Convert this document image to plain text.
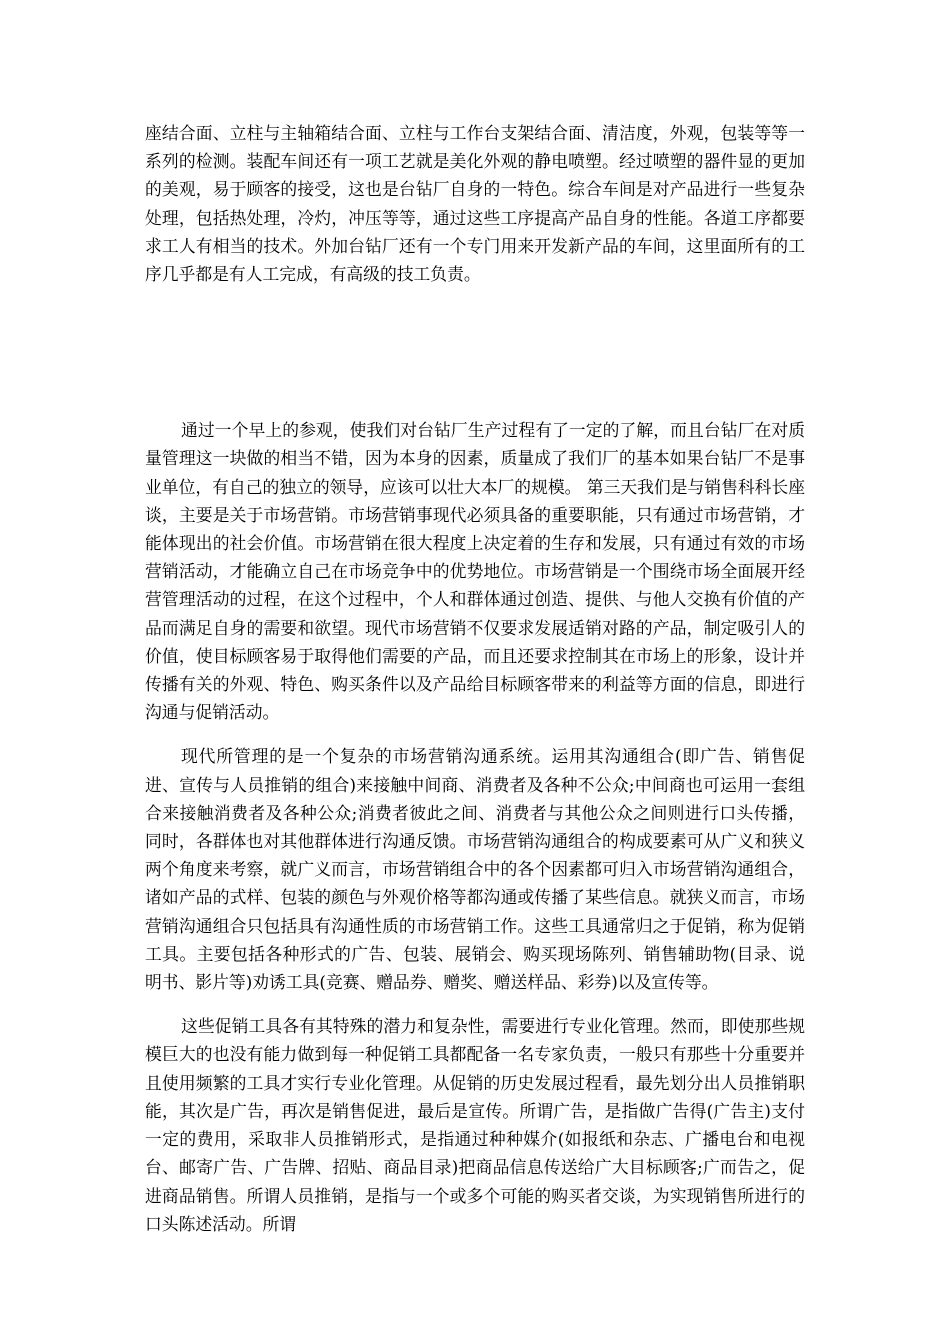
座结合面、立柱与主轴箱结合面、立柱与工作台支架结合面、清洁度，外观，包装等等一系列的检测。装配车间还有一项工艺就是美化外观的静电喷塑。经过喷塑的器件显的更加的美观，易于顾客的接受，这也是台钻厂自身的一特色。综合车间是对产品进行一些复杂处理，包括热处理，冷灼，冲压等等，通过这些工序提高产品自身的性能。各道工序都要求工人有相当的技术。外加台钻厂还有一个专门用来开发新产品的车间，这里面所有的工序几乎都是有人工完成，有高级的技工负责。

通过一个早上的参观，使我们对台钻厂生产过程有了一定的了解，而且台钻厂在对质量管理这一块做的相当不错，因为本身的因素，质量成了我们厂的基本如果台钻厂不是事业单位，有自己的独立的领导，应该可以壮大本厂的规模。 第三天我们是与销售科科长座谈，主要是关于市场营销。市场营销事现代必须具备的重要职能，只有通过市场营销，才能体现出的社会价值。市场营销在很大程度上决定着的生存和发展，只有通过有效的市场营销活动，才能确立自己在市场竞争中的优势地位。市场营销是一个围绕市场全面展开经营管理活动的过程，在这个过程中，个人和群体通过创造、提供、与他人交换有价值的产品而满足自身的需要和欲望。现代市场营销不仅要求发展适销对路的产品，制定吸引人的价值，使目标顾客易于取得他们需要的产品，而且还要求控制其在市场上的形象，设计并传播有关的外观、特色、购买条件以及产品给目标顾客带来的利益等方面的信息，即进行沟通与促销活动。

现代所管理的是一个复杂的市场营销沟通系统。运用其沟通组合(即广告、销售促进、宣传与人员推销的组合)来接触中间商、消费者及各种不公众;中间商也可运用一套组合来接触消费者及各种公众;消费者彼此之间、消费者与其他公众之间则进行口头传播，同时，各群体也对其他群体进行沟通反馈。市场营销沟通组合的构成要素可从广义和狭义两个角度来考察，就广义而言，市场营销组合中的各个因素都可归入市场营销沟通组合，诸如产品的式样、包装的颜色与外观价格等都沟通或传播了某些信息。就狭义而言，市场营销沟通组合只包括具有沟通性质的市场营销工作。这些工具通常归之于促销，称为促销工具。主要包括各种形式的广告、包装、展销会、购买现场陈列、销售辅助物(目录、说明书、影片等)劝诱工具(竞赛、赠品券、赠奖、赠送样品、彩券)以及宣传等。

这些促销工具各有其特殊的潜力和复杂性，需要进行专业化管理。然而，即使那些规模巨大的也没有能力做到每一种促销工具都配备一名专家负责，一般只有那些十分重要并且使用频繁的工具才实行专业化管理。从促销的历史发展过程看，最先划分出人员推销职能，其次是广告，再次是销售促进，最后是宣传。所谓广告，是指做广告得(广告主)支付一定的费用，采取非人员推销形式，是指通过种种媒介(如报纸和杂志、广播电台和电视台、邮寄广告、广告牌、招贴、商品目录)把商品信息传送给广大目标顾客;广而告之，促进商品销售。所谓人员推销，是指与一个或多个可能的购买者交谈，为实现销售所进行的口头陈述活动。所谓
